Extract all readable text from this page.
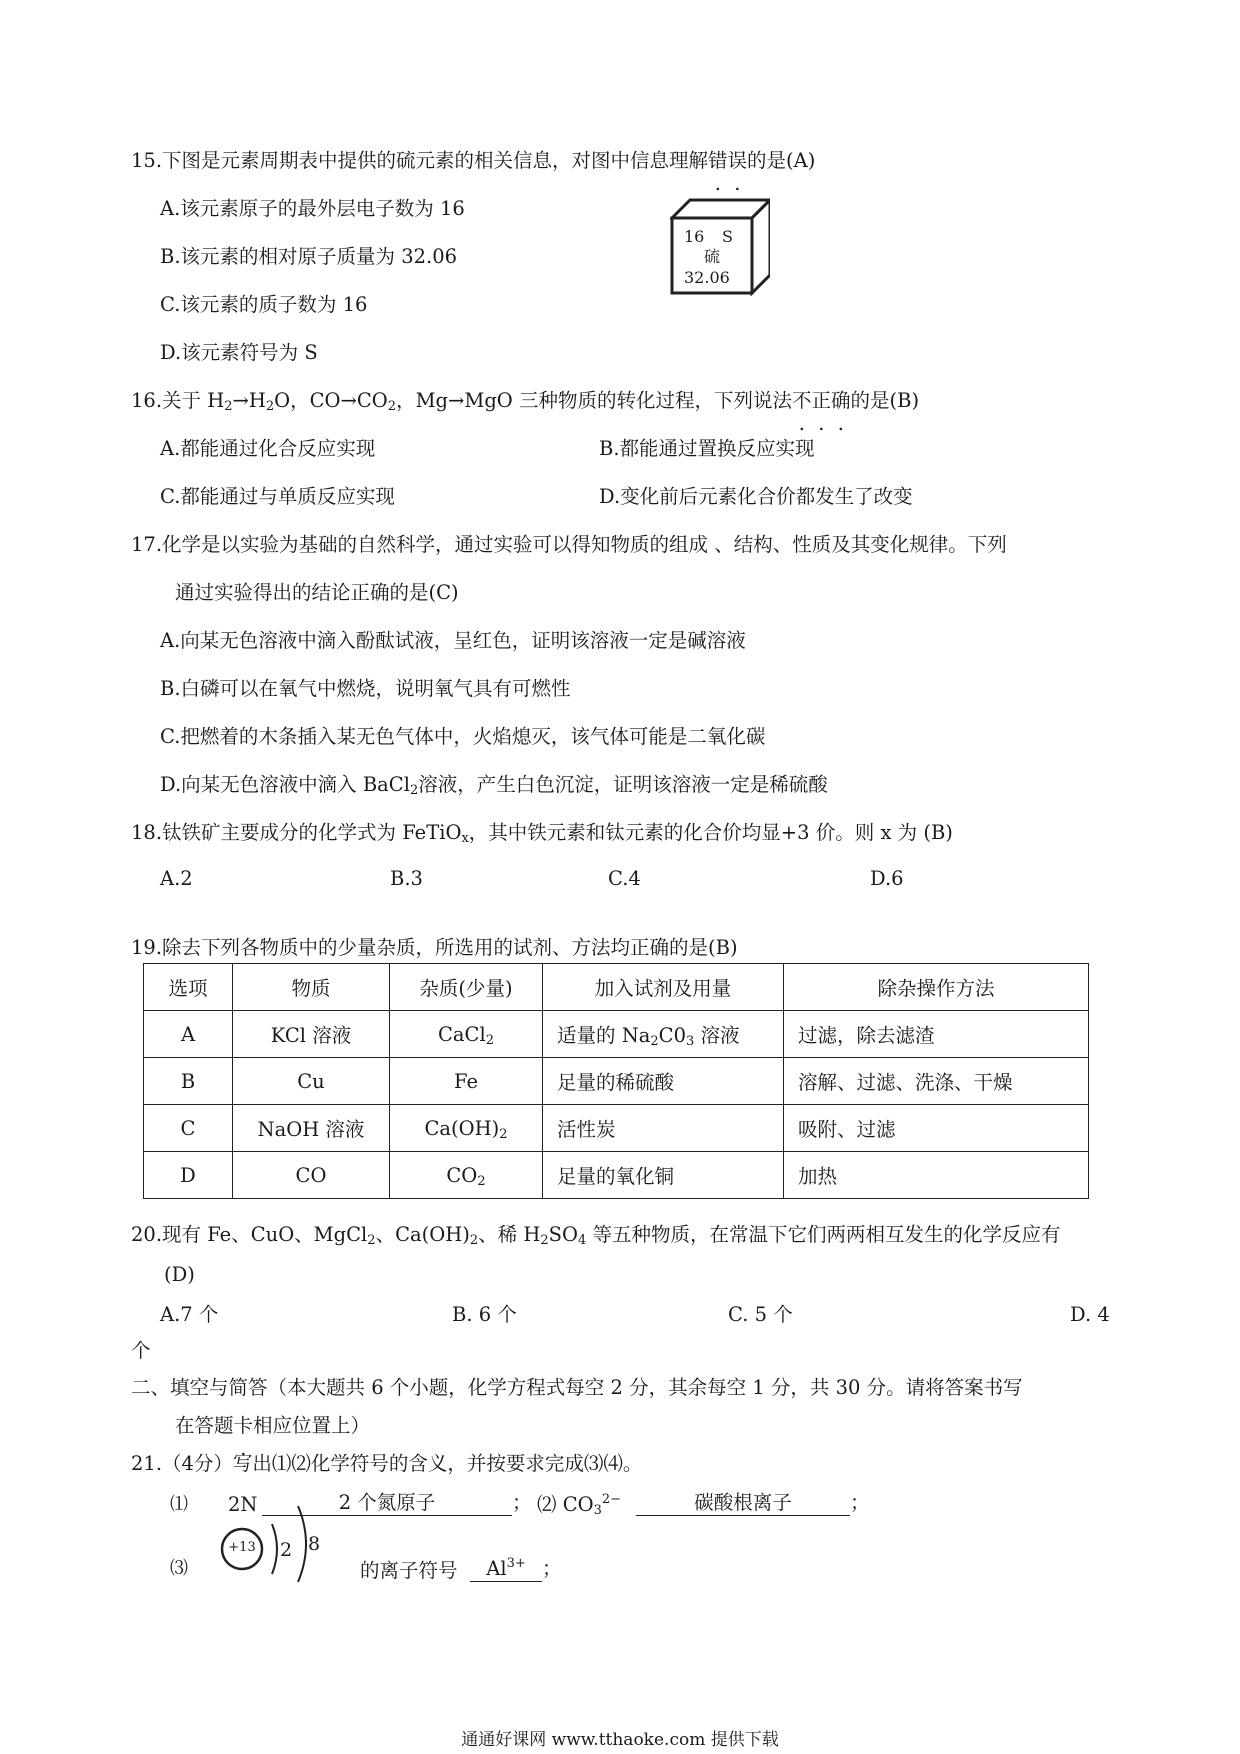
15.下图是元素周期表中提供的硫元素的相关信息，对图中信息理解错误的是(A)
A.该元素原子的最外层电子数为 16
B.该元素的相对原子质量为 32.06
C.该元素的质子数为 16
D.该元素符号为 S
16 S
硫
32.06
16.关于 $H_2\to H_2O$，$CO\to CO_2$，Mg→MgO 三种物质的转化过程，下列说法不正确的是(B)
A.都能通过化合反应实现	B.都能通过置换反应实现
C.都能通过与单质反应实现	D.变化前后元素化合价都发生了改变
17.化学是以实验为基础的自然科学，通过实验可以得知物质的组成 、结构、性质及其变化规律。下列
通过实验得出的结论正确的是(C)
A.向某无色溶液中滴入酚酞试液，呈红色，证明该溶液一定是碱溶液
B.白磷可以在氧气中燃烧，说明氧气具有可燃性
C.把燃着的木条插入某无色气体中，火焰熄灭，该气体可能是二氧化碳
D.向某无色溶液中滴入 BaCl$_2$溶液，产生白色沉淀，证明该溶液一定是稀硫酸
18.钛铁矿主要成分的化学式为 FeTiO$_x$，其中铁元素和钛元素的化合价均显+3 价。则 x 为 (B)
A.2	B.3	C.4	D.6
19.除去下列各物质中的少量杂质，所选用的试剂、方法均正确的是(B)
选项	物质	杂质(少量)	加入试剂及用量	除杂操作方法
A	KCl 溶液	CaCl$_2$	适量的 $Na_2C0_3$ 溶液	过滤，除去滤渣
B	Cu	Fe	足量的稀硫酸	溶解、过滤、洗涤、干燥
C	NaOH 溶液	$Ca(OH)_2$	活性炭	吸附、过滤
D	CO	$CO_2$	足量的氧化铜	加热
20.现有 Fe、CuO、MgCl$_2$、$Ca(OH)_2$、稀 $H_2SO_4$ 等五种物质，在常温下它们两两相互发生的化学反应有
(D)
A.7 个	B. 6 个	C. 5 个	D. 4
个
二、填空与简答（本大题共 6 个小题，化学方程式每空 2 分，其余每空 1 分，共 30 分。请将答案书写
在答题卡相应位置上）
21.（4分）写出⑴⑵化学符号的含义，并按要求完成⑶⑷。
⑴ 2N	2 个氮原子	； ⑵ $CO_3^{2-}$	碳酸根离子	；
⑶
+13 2 8
的离子符号	$Al^{3+}$ ；
通通好课网 www.tthaoke.com 提供下载
